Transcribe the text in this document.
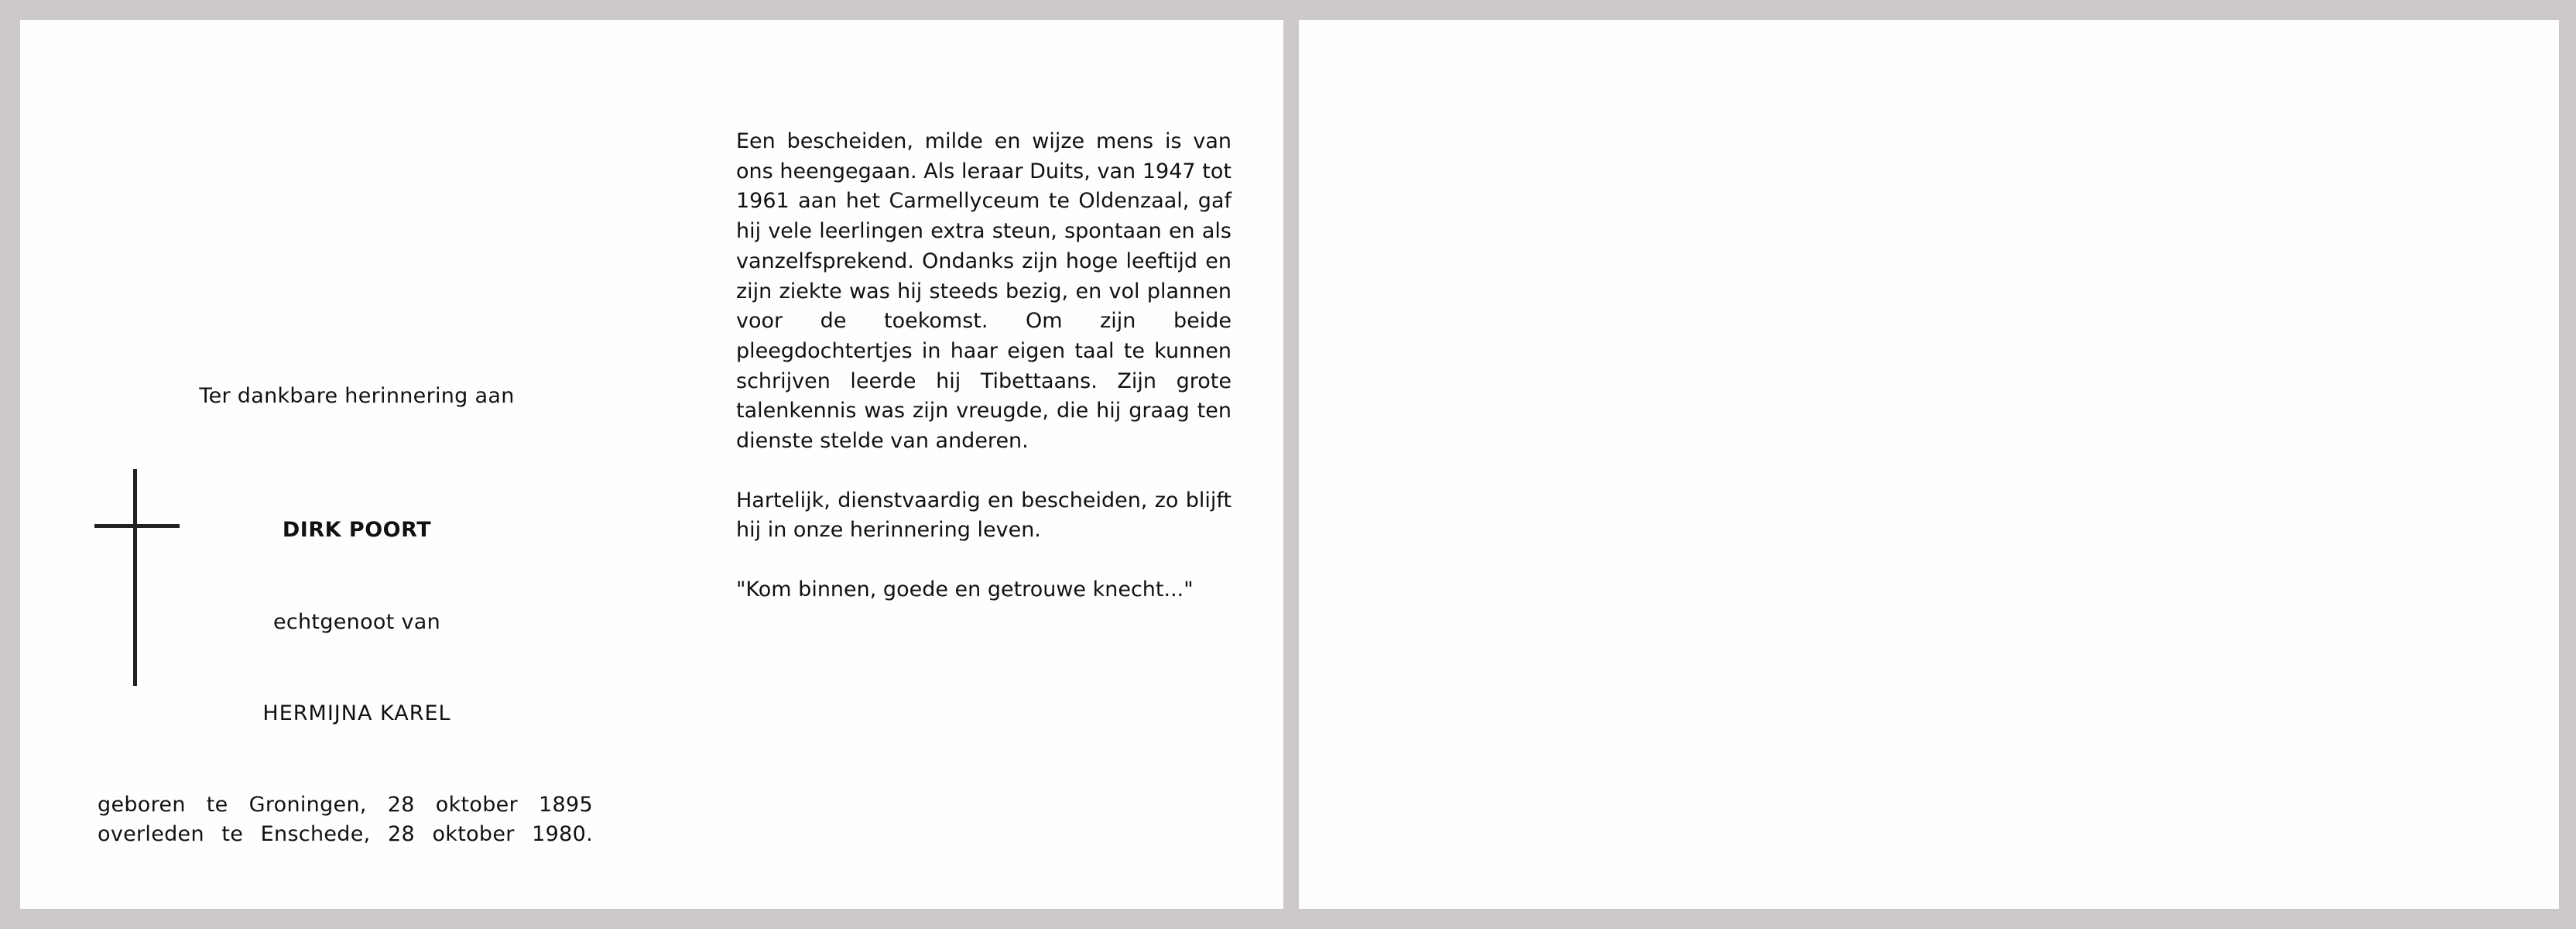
Ter dankbare herinnering aan
DIRK POORT
echtgenoot van
HERMIJNA KAREL
geboren te Groningen, 28 oktober 1895
overleden te Enschede, 28 oktober 1980.

Een bescheiden, milde en wijze mens is van ons heengegaan. Als leraar Duits, van 1947 tot 1961 aan het Carmellyceum te Oldenzaal, gaf hij vele leerlingen extra steun, spontaan en als vanzelfsprekend. Ondanks zijn hoge leeftijd en zijn ziekte was hij steeds bezig, en vol plannen voor de toekomst. Om zijn beide pleegdochtertjes in haar eigen taal te kunnen schrijven leerde hij Tibettaans. Zijn grote talenkennis was zijn vreugde, die hij graag ten dienste stelde van anderen.

Hartelijk, dienstvaardig en bescheiden, zo blijft hij in onze herinnering leven.

"Kom binnen, goede en getrouwe knecht..."
